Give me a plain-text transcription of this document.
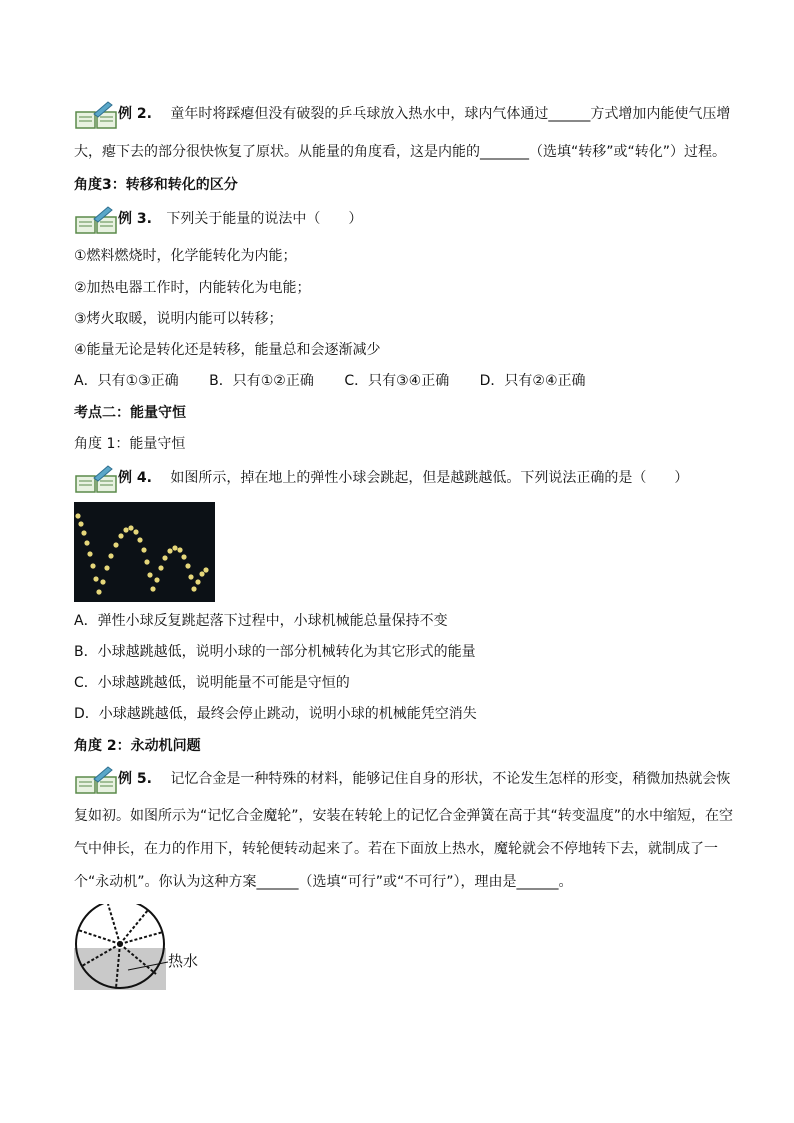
例 2. 童年时将踩瘪但没有破裂的乒乓球放入热水中，球内气体通过______方式增加内能使气压增
大，瘪下去的部分很快恢复了原状。从能量的角度看，这是内能的_______（选填“转移”或“转化”）过程。
角度3：转移和转化的区分
例 3. 下列关于能量的说法中（　　）
①燃料燃烧时，化学能转化为内能；
②加热电器工作时，内能转化为电能；
③烤火取暖，说明内能可以转移；
④能量无论是转化还是转移，能量总和会逐渐减少
A．只有①③正确 B．只有①②正确 C．只有③④正确 D．只有②④正确
考点二：能量守恒
角度 1：能量守恒
例 4. 如图所示，掉在地上的弹性小球会跳起，但是越跳越低。下列说法正确的是（　　）
A．弹性小球反复跳起落下过程中，小球机械能总量保持不变
B．小球越跳越低，说明小球的一部分机械转化为其它形式的能量
C．小球越跳越低，说明能量不可能是守恒的
D．小球越跳越低，最终会停止跳动，说明小球的机械能凭空消失
角度 2：永动机问题
例 5. 记忆合金是一种特殊的材料，能够记住自身的形状，不论发生怎样的形变，稍微加热就会恢
复如初。如图所示为“记忆合金魔轮”，安装在转轮上的记忆合金弹簧在高于其“转变温度”的水中缩短，在空
气中伸长，在力的作用下，转轮便转动起来了。若在下面放上热水，魔轮就会不停地转下去，就制成了一
个“永动机”。你认为这种方案______（选填“可行”或“不可行”），理由是______。
热水
